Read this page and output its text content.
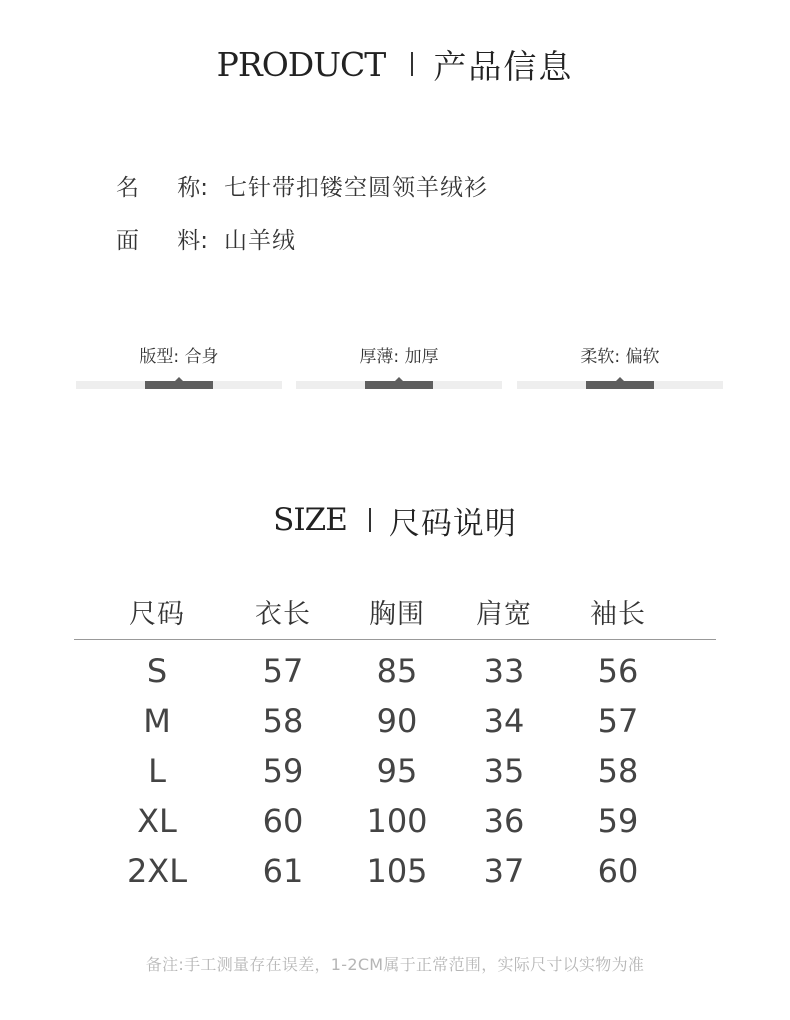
PRODUCT 产品信息
名 称: 七针带扣镂空圆领羊绒衫
面 料: 山羊绒
版型: 合身	厚薄: 加厚	柔软: 偏软
SIZE 尺码说明
尺码	衣长	胸围	肩宽	袖长
S	57	85	33	56
M	58	90	34	57
L	59	95	35	58
XL	60	100	36	59
2XL	61	105	37	60
备注:手工测量存在误差，1-2CM属于正常范围，实际尺寸以实物为准
